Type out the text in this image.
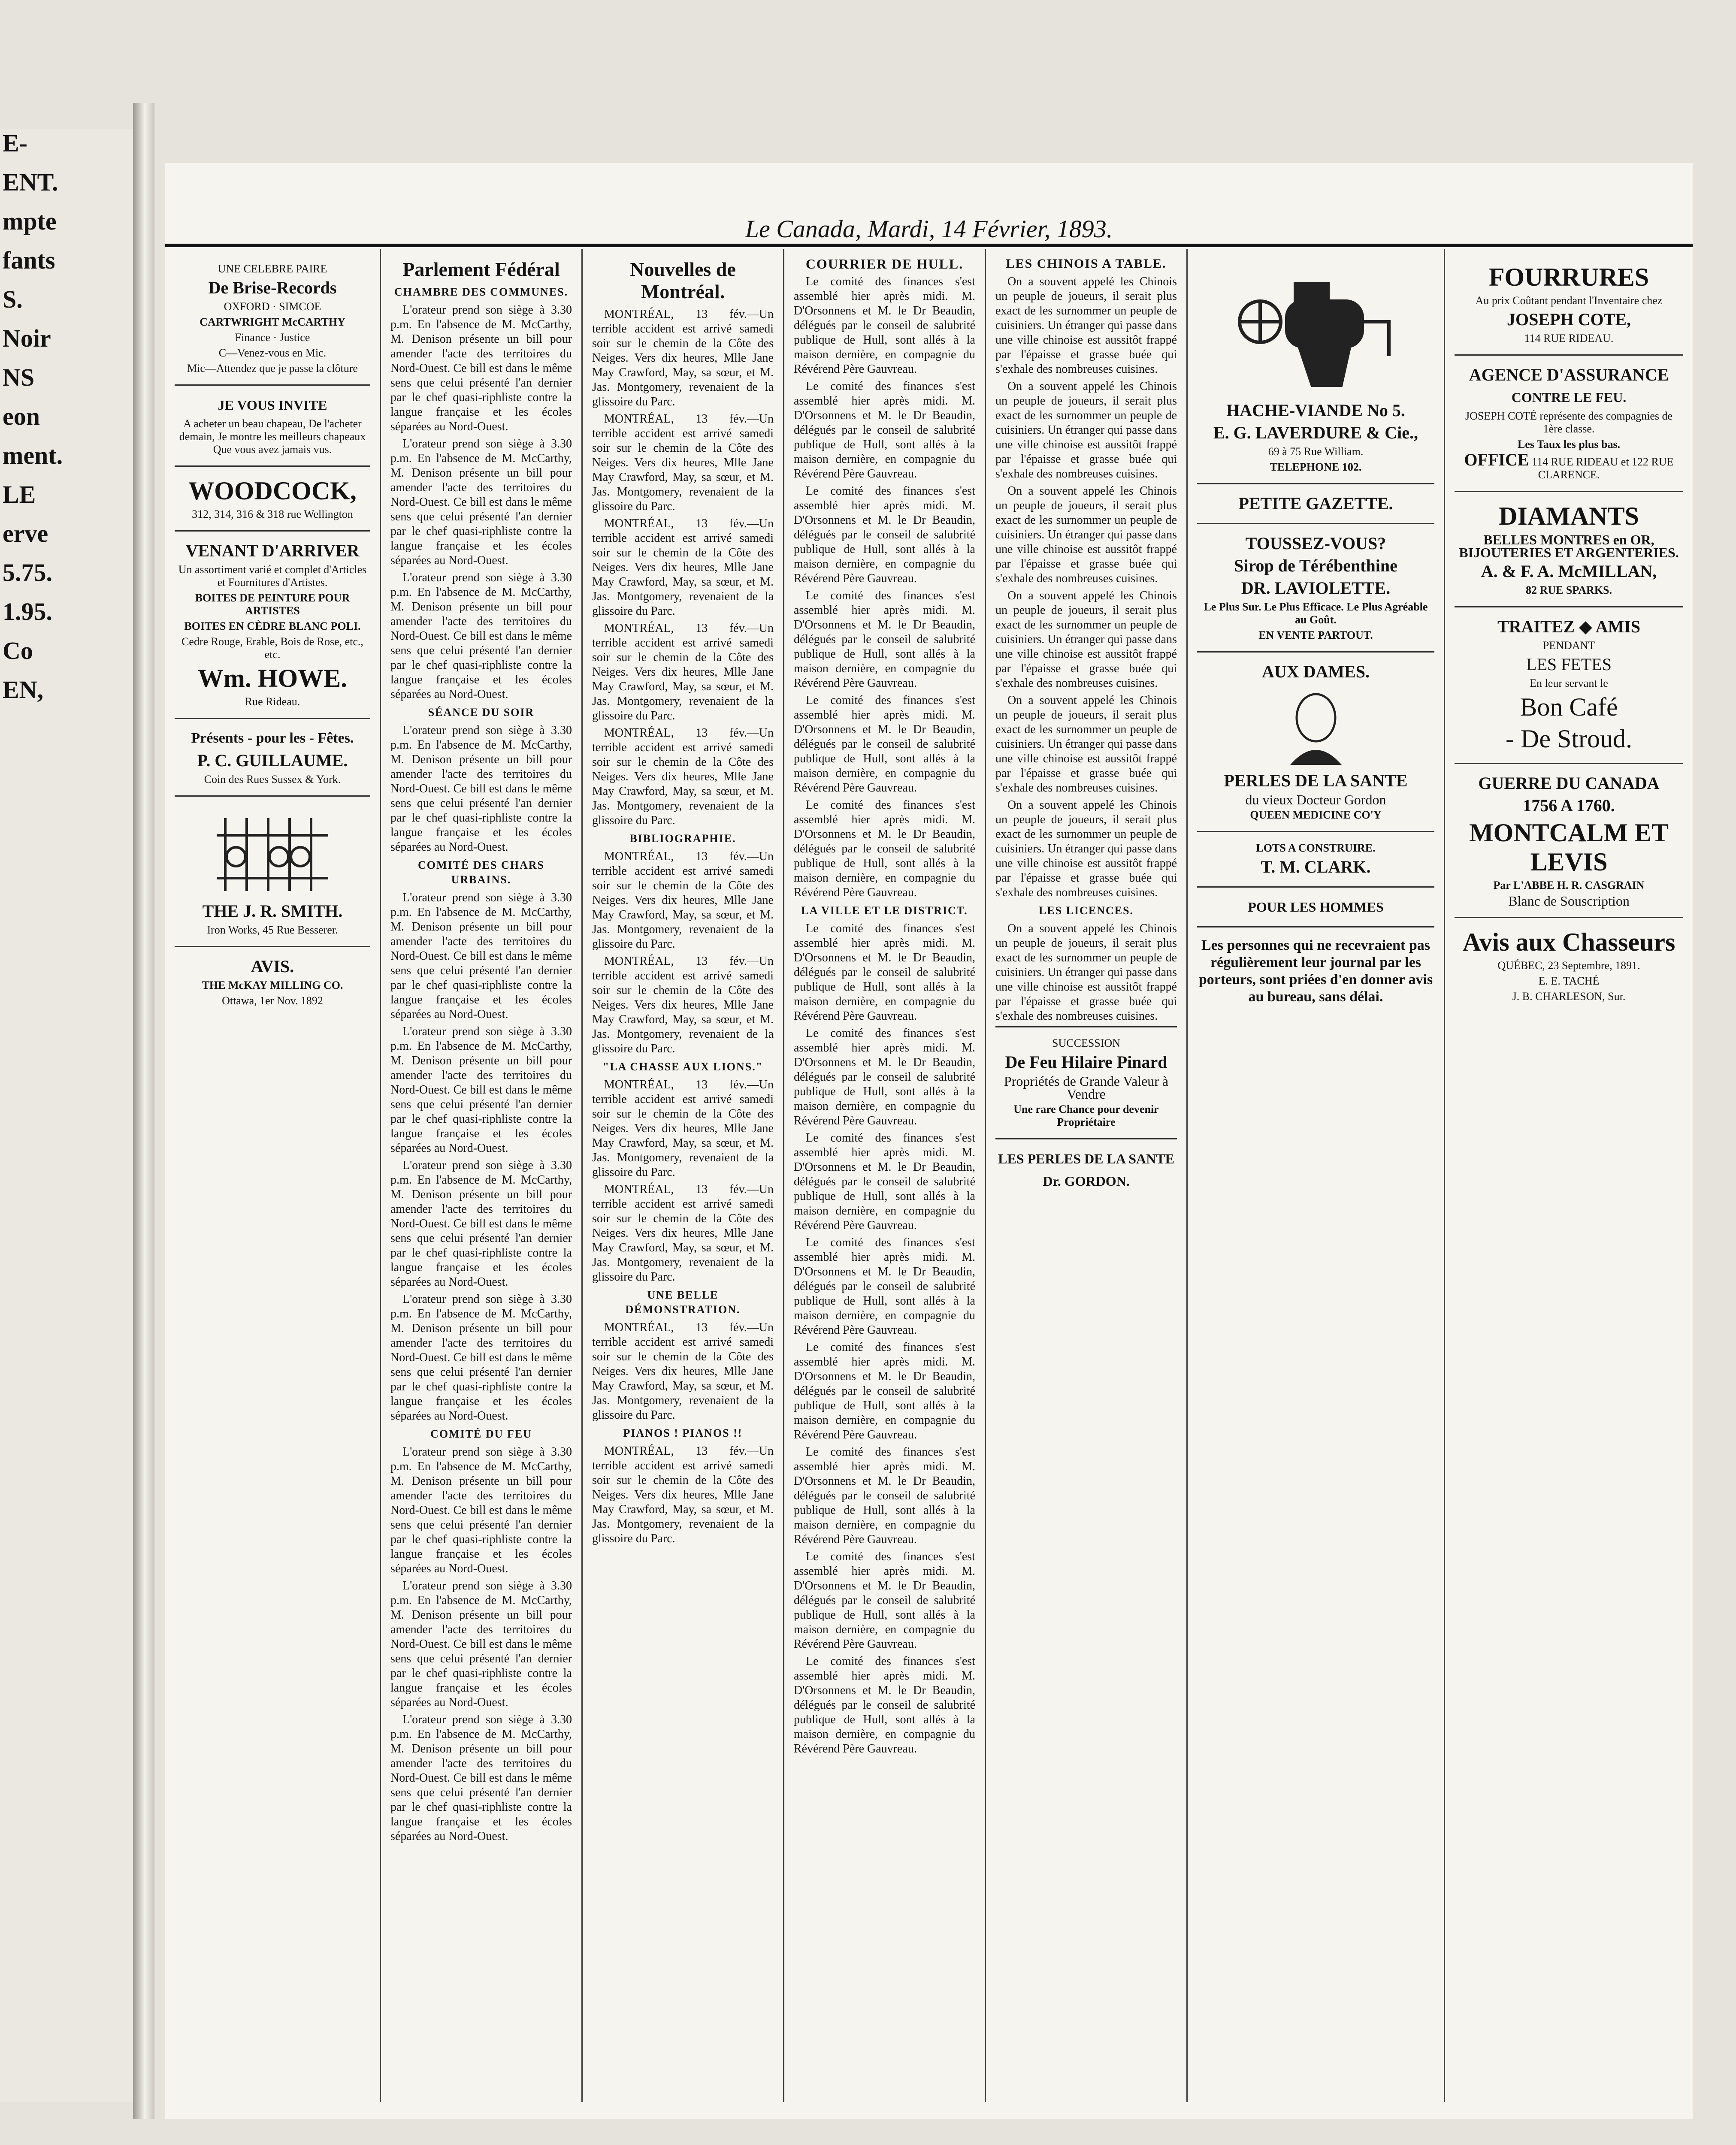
E-
ENT.
mpte
fants
S.
Noir
NS
eon
ment.
LE
erve
5.75.
1.95.
Co
EN,
Le Canada, Mardi, 14 Février, 1893.

UNE CELEBRE PAIRE

De Brise-Records

OXFORD · SIMCOE

CARTWRIGHT McCARTHY

Finance · Justice

C—Venez-vous en Mic.

Mic—Attendez que je passe la clôture

JE VOUS INVITE

A acheter un beau chapeau, De l'acheter demain, Je montre les meilleurs chapeaux Que vous avez jamais vus.

WOODCOCK,

312, 314, 316 & 318 rue Wellington

VENANT D'ARRIVER

Un assortiment varié et complet d'Articles et Fournitures d'Artistes.

BOITES DE PEINTURE POUR ARTISTES

BOITES EN CÈDRE BLANC POLI.

Cedre Rouge, Erable, Bois de Rose, etc., etc.

Wm. HOWE.

Rue Rideau.

Présents - pour les - Fêtes.

P. C. GUILLAUME.

Coin des Rues Sussex & York.

THE J. R. SMITH.

Iron Works, 45 Rue Besserer.

AVIS.

THE McKAY MILLING CO.

Ottawa, 1er Nov. 1892

Parlement Fédéral
CHAMBRE DES COMMUNES.

L'orateur prend son siège à 3.30 p.m. En l'absence de M. McCarthy, M. Denison présente un bill pour amender l'acte des territoires du Nord-Ouest. Ce bill est dans le même sens que celui présenté l'an dernier par le chef quasi-riphliste contre la langue française et les écoles séparées au Nord-Ouest.

L'orateur prend son siège à 3.30 p.m. En l'absence de M. McCarthy, M. Denison présente un bill pour amender l'acte des territoires du Nord-Ouest. Ce bill est dans le même sens que celui présenté l'an dernier par le chef quasi-riphliste contre la langue française et les écoles séparées au Nord-Ouest.

L'orateur prend son siège à 3.30 p.m. En l'absence de M. McCarthy, M. Denison présente un bill pour amender l'acte des territoires du Nord-Ouest. Ce bill est dans le même sens que celui présenté l'an dernier par le chef quasi-riphliste contre la langue française et les écoles séparées au Nord-Ouest.

SÉANCE DU SOIR

L'orateur prend son siège à 3.30 p.m. En l'absence de M. McCarthy, M. Denison présente un bill pour amender l'acte des territoires du Nord-Ouest. Ce bill est dans le même sens que celui présenté l'an dernier par le chef quasi-riphliste contre la langue française et les écoles séparées au Nord-Ouest.

COMITÉ DES CHARS URBAINS.

L'orateur prend son siège à 3.30 p.m. En l'absence de M. McCarthy, M. Denison présente un bill pour amender l'acte des territoires du Nord-Ouest. Ce bill est dans le même sens que celui présenté l'an dernier par le chef quasi-riphliste contre la langue française et les écoles séparées au Nord-Ouest.

L'orateur prend son siège à 3.30 p.m. En l'absence de M. McCarthy, M. Denison présente un bill pour amender l'acte des territoires du Nord-Ouest. Ce bill est dans le même sens que celui présenté l'an dernier par le chef quasi-riphliste contre la langue française et les écoles séparées au Nord-Ouest.

L'orateur prend son siège à 3.30 p.m. En l'absence de M. McCarthy, M. Denison présente un bill pour amender l'acte des territoires du Nord-Ouest. Ce bill est dans le même sens que celui présenté l'an dernier par le chef quasi-riphliste contre la langue française et les écoles séparées au Nord-Ouest.

L'orateur prend son siège à 3.30 p.m. En l'absence de M. McCarthy, M. Denison présente un bill pour amender l'acte des territoires du Nord-Ouest. Ce bill est dans le même sens que celui présenté l'an dernier par le chef quasi-riphliste contre la langue française et les écoles séparées au Nord-Ouest.

COMITÉ DU FEU

L'orateur prend son siège à 3.30 p.m. En l'absence de M. McCarthy, M. Denison présente un bill pour amender l'acte des territoires du Nord-Ouest. Ce bill est dans le même sens que celui présenté l'an dernier par le chef quasi-riphliste contre la langue française et les écoles séparées au Nord-Ouest.

L'orateur prend son siège à 3.30 p.m. En l'absence de M. McCarthy, M. Denison présente un bill pour amender l'acte des territoires du Nord-Ouest. Ce bill est dans le même sens que celui présenté l'an dernier par le chef quasi-riphliste contre la langue française et les écoles séparées au Nord-Ouest.

L'orateur prend son siège à 3.30 p.m. En l'absence de M. McCarthy, M. Denison présente un bill pour amender l'acte des territoires du Nord-Ouest. Ce bill est dans le même sens que celui présenté l'an dernier par le chef quasi-riphliste contre la langue française et les écoles séparées au Nord-Ouest.

Nouvelles de Montréal.

MONTRÉAL, 13 fév.—Un terrible accident est arrivé samedi soir sur le chemin de la Côte des Neiges. Vers dix heures, Mlle Jane May Crawford, May, sa sœur, et M. Jas. Montgomery, revenaient de la glissoire du Parc.

MONTRÉAL, 13 fév.—Un terrible accident est arrivé samedi soir sur le chemin de la Côte des Neiges. Vers dix heures, Mlle Jane May Crawford, May, sa sœur, et M. Jas. Montgomery, revenaient de la glissoire du Parc.

MONTRÉAL, 13 fév.—Un terrible accident est arrivé samedi soir sur le chemin de la Côte des Neiges. Vers dix heures, Mlle Jane May Crawford, May, sa sœur, et M. Jas. Montgomery, revenaient de la glissoire du Parc.

MONTRÉAL, 13 fév.—Un terrible accident est arrivé samedi soir sur le chemin de la Côte des Neiges. Vers dix heures, Mlle Jane May Crawford, May, sa sœur, et M. Jas. Montgomery, revenaient de la glissoire du Parc.

MONTRÉAL, 13 fév.—Un terrible accident est arrivé samedi soir sur le chemin de la Côte des Neiges. Vers dix heures, Mlle Jane May Crawford, May, sa sœur, et M. Jas. Montgomery, revenaient de la glissoire du Parc.

BIBLIOGRAPHIE.

MONTRÉAL, 13 fév.—Un terrible accident est arrivé samedi soir sur le chemin de la Côte des Neiges. Vers dix heures, Mlle Jane May Crawford, May, sa sœur, et M. Jas. Montgomery, revenaient de la glissoire du Parc.

MONTRÉAL, 13 fév.—Un terrible accident est arrivé samedi soir sur le chemin de la Côte des Neiges. Vers dix heures, Mlle Jane May Crawford, May, sa sœur, et M. Jas. Montgomery, revenaient de la glissoire du Parc.

"LA CHASSE AUX LIONS."

MONTRÉAL, 13 fév.—Un terrible accident est arrivé samedi soir sur le chemin de la Côte des Neiges. Vers dix heures, Mlle Jane May Crawford, May, sa sœur, et M. Jas. Montgomery, revenaient de la glissoire du Parc.

MONTRÉAL, 13 fév.—Un terrible accident est arrivé samedi soir sur le chemin de la Côte des Neiges. Vers dix heures, Mlle Jane May Crawford, May, sa sœur, et M. Jas. Montgomery, revenaient de la glissoire du Parc.

UNE BELLE DÉMONSTRATION.

MONTRÉAL, 13 fév.—Un terrible accident est arrivé samedi soir sur le chemin de la Côte des Neiges. Vers dix heures, Mlle Jane May Crawford, May, sa sœur, et M. Jas. Montgomery, revenaient de la glissoire du Parc.

PIANOS ! PIANOS !!

MONTRÉAL, 13 fév.—Un terrible accident est arrivé samedi soir sur le chemin de la Côte des Neiges. Vers dix heures, Mlle Jane May Crawford, May, sa sœur, et M. Jas. Montgomery, revenaient de la glissoire du Parc.

COURRIER DE HULL.

Le comité des finances s'est assemblé hier après midi. M. D'Orsonnens et M. le Dr Beaudin, délégués par le conseil de salubrité publique de Hull, sont allés à la maison dernière, en compagnie du Révérend Père Gauvreau.

Le comité des finances s'est assemblé hier après midi. M. D'Orsonnens et M. le Dr Beaudin, délégués par le conseil de salubrité publique de Hull, sont allés à la maison dernière, en compagnie du Révérend Père Gauvreau.

Le comité des finances s'est assemblé hier après midi. M. D'Orsonnens et M. le Dr Beaudin, délégués par le conseil de salubrité publique de Hull, sont allés à la maison dernière, en compagnie du Révérend Père Gauvreau.

Le comité des finances s'est assemblé hier après midi. M. D'Orsonnens et M. le Dr Beaudin, délégués par le conseil de salubrité publique de Hull, sont allés à la maison dernière, en compagnie du Révérend Père Gauvreau.

Le comité des finances s'est assemblé hier après midi. M. D'Orsonnens et M. le Dr Beaudin, délégués par le conseil de salubrité publique de Hull, sont allés à la maison dernière, en compagnie du Révérend Père Gauvreau.

Le comité des finances s'est assemblé hier après midi. M. D'Orsonnens et M. le Dr Beaudin, délégués par le conseil de salubrité publique de Hull, sont allés à la maison dernière, en compagnie du Révérend Père Gauvreau.

LA VILLE ET LE DISTRICT.

Le comité des finances s'est assemblé hier après midi. M. D'Orsonnens et M. le Dr Beaudin, délégués par le conseil de salubrité publique de Hull, sont allés à la maison dernière, en compagnie du Révérend Père Gauvreau.

Le comité des finances s'est assemblé hier après midi. M. D'Orsonnens et M. le Dr Beaudin, délégués par le conseil de salubrité publique de Hull, sont allés à la maison dernière, en compagnie du Révérend Père Gauvreau.

Le comité des finances s'est assemblé hier après midi. M. D'Orsonnens et M. le Dr Beaudin, délégués par le conseil de salubrité publique de Hull, sont allés à la maison dernière, en compagnie du Révérend Père Gauvreau.

Le comité des finances s'est assemblé hier après midi. M. D'Orsonnens et M. le Dr Beaudin, délégués par le conseil de salubrité publique de Hull, sont allés à la maison dernière, en compagnie du Révérend Père Gauvreau.

Le comité des finances s'est assemblé hier après midi. M. D'Orsonnens et M. le Dr Beaudin, délégués par le conseil de salubrité publique de Hull, sont allés à la maison dernière, en compagnie du Révérend Père Gauvreau.

Le comité des finances s'est assemblé hier après midi. M. D'Orsonnens et M. le Dr Beaudin, délégués par le conseil de salubrité publique de Hull, sont allés à la maison dernière, en compagnie du Révérend Père Gauvreau.

Le comité des finances s'est assemblé hier après midi. M. D'Orsonnens et M. le Dr Beaudin, délégués par le conseil de salubrité publique de Hull, sont allés à la maison dernière, en compagnie du Révérend Père Gauvreau.

Le comité des finances s'est assemblé hier après midi. M. D'Orsonnens et M. le Dr Beaudin, délégués par le conseil de salubrité publique de Hull, sont allés à la maison dernière, en compagnie du Révérend Père Gauvreau.

LES CHINOIS A TABLE.

On a souvent appelé les Chinois un peuple de joueurs, il serait plus exact de les surnommer un peuple de cuisiniers. Un étranger qui passe dans une ville chinoise est aussitôt frappé par l'épaisse et grasse buée qui s'exhale des nombreuses cuisines.

On a souvent appelé les Chinois un peuple de joueurs, il serait plus exact de les surnommer un peuple de cuisiniers. Un étranger qui passe dans une ville chinoise est aussitôt frappé par l'épaisse et grasse buée qui s'exhale des nombreuses cuisines.

On a souvent appelé les Chinois un peuple de joueurs, il serait plus exact de les surnommer un peuple de cuisiniers. Un étranger qui passe dans une ville chinoise est aussitôt frappé par l'épaisse et grasse buée qui s'exhale des nombreuses cuisines.

On a souvent appelé les Chinois un peuple de joueurs, il serait plus exact de les surnommer un peuple de cuisiniers. Un étranger qui passe dans une ville chinoise est aussitôt frappé par l'épaisse et grasse buée qui s'exhale des nombreuses cuisines.

On a souvent appelé les Chinois un peuple de joueurs, il serait plus exact de les surnommer un peuple de cuisiniers. Un étranger qui passe dans une ville chinoise est aussitôt frappé par l'épaisse et grasse buée qui s'exhale des nombreuses cuisines.

On a souvent appelé les Chinois un peuple de joueurs, il serait plus exact de les surnommer un peuple de cuisiniers. Un étranger qui passe dans une ville chinoise est aussitôt frappé par l'épaisse et grasse buée qui s'exhale des nombreuses cuisines.

LES LICENCES.

On a souvent appelé les Chinois un peuple de joueurs, il serait plus exact de les surnommer un peuple de cuisiniers. Un étranger qui passe dans une ville chinoise est aussitôt frappé par l'épaisse et grasse buée qui s'exhale des nombreuses cuisines.

SUCCESSION

De Feu Hilaire Pinard

Propriétés de Grande Valeur à Vendre

Une rare Chance pour devenir Propriétaire

LES PERLES DE LA SANTE

Dr. GORDON.

HACHE-VIANDE No 5.

E. G. LAVERDURE & Cie.,

69 à 75 Rue William.

TELEPHONE 102.

PETITE GAZETTE.

TOUSSEZ-VOUS?

Sirop de Térébenthine

DR. LAVIOLETTE.

Le Plus Sur. Le Plus Efficace. Le Plus Agréable au Goût.

EN VENTE PARTOUT.

AUX DAMES.

PERLES DE LA SANTE

du vieux Docteur Gordon

QUEEN MEDICINE CO'Y

LOTS A CONSTRUIRE.

T. M. CLARK.

POUR LES HOMMES

Les personnes qui ne recevraient pas régulièrement leur journal par les porteurs, sont priées d'en donner avis au bureau, sans délai.

FOURRURES

Au prix Coûtant pendant l'Inventaire chez

JOSEPH COTE,

114 RUE RIDEAU.

AGENCE D'ASSURANCE

CONTRE LE FEU.

JOSEPH COTÉ représente des compagnies de 1ère classe.

Les Taux les plus bas.

OFFICE 114 RUE RIDEAU et 122 RUE CLARENCE.

DIAMANTS

BELLES MONTRES en OR, BIJOUTERIES ET ARGENTERIES.

A. & F. A. McMILLAN,

82 RUE SPARKS.

TRAITEZ ◆ AMIS

PENDANT

LES FETES

En leur servant le

Bon Café

- De Stroud.

GUERRE DU CANADA

1756 A 1760.

MONTCALM ET LEVIS

Par L'ABBE H. R. CASGRAIN

Blanc de Souscription

Avis aux Chasseurs

QUÉBEC, 23 Septembre, 1891.

E. E. TACHÉ

J. B. CHARLESON, Sur.
